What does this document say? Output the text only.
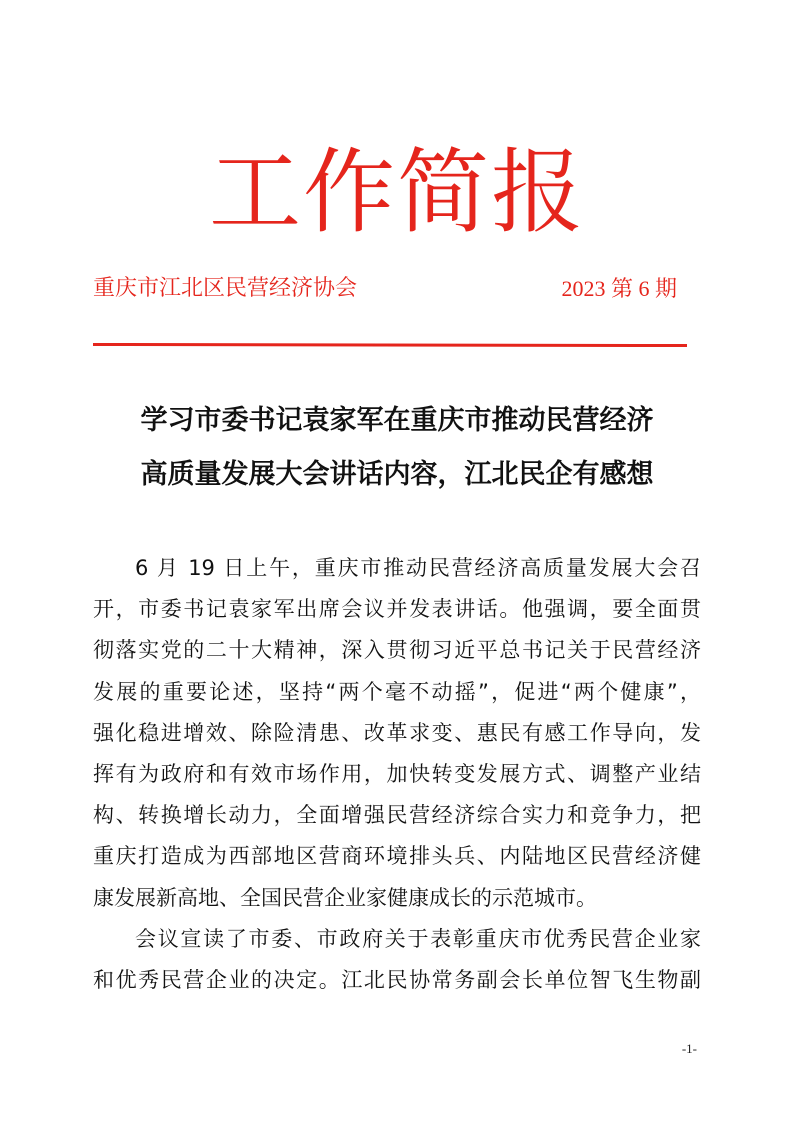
工作简报
重庆市江北区民营经济协会	2023 第 6 期
学习市委书记袁家军在重庆市推动民营经济
高质量发展大会讲话内容，江北民企有感想
6 月 19 日上午，重庆市推动民营经济高质量发展大会召
开，市委书记袁家军出席会议并发表讲话。他强调，要全面贯
彻落实党的二十大精神，深入贯彻习近平总书记关于民营经济
发展的重要论述，坚持“两个毫不动摇”，促进“两个健康”，
强化稳进增效、除险清患、改革求变、惠民有感工作导向，发
挥有为政府和有效市场作用，加快转变发展方式、调整产业结
构、转换增长动力，全面增强民营经济综合实力和竞争力，把
重庆打造成为西部地区营商环境排头兵、内陆地区民营经济健
康发展新高地、全国民营企业家健康成长的示范城市。
会议宣读了市委、市政府关于表彰重庆市优秀民营企业家
和优秀民营企业的决定。江北民协常务副会长单位智飞生物副
-1-
